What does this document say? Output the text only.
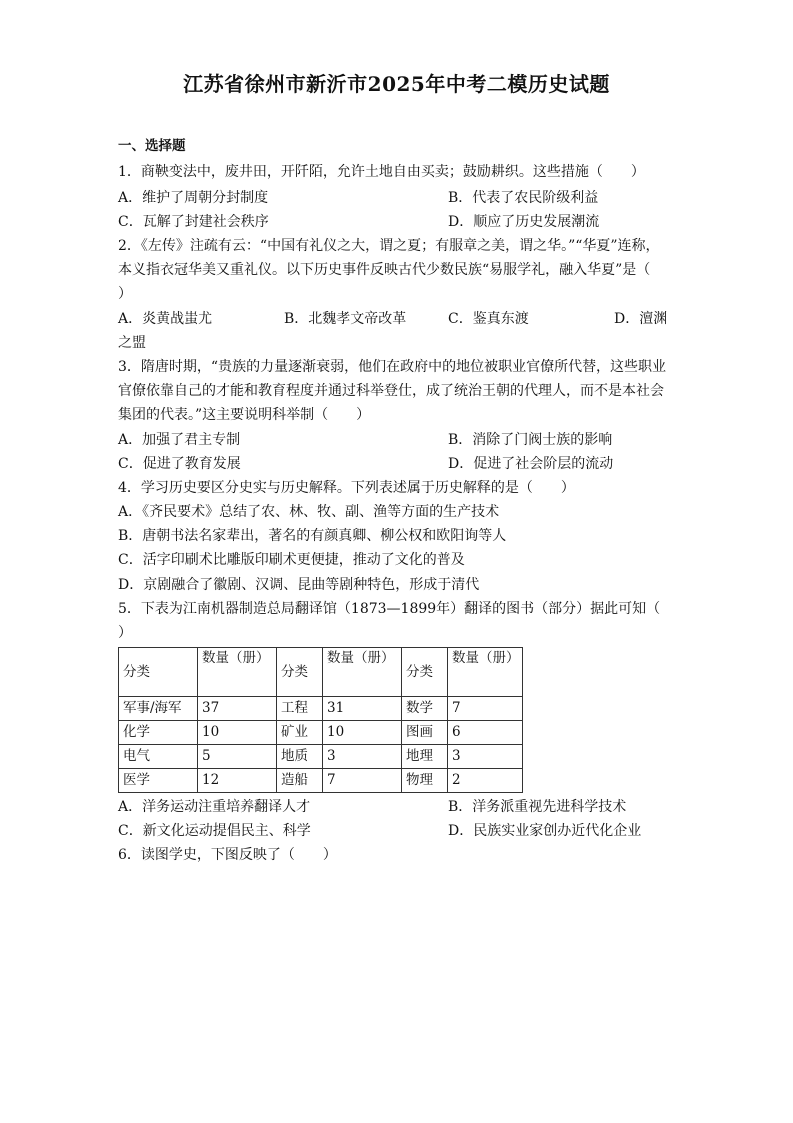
江苏省徐州市新沂市2025年中考二模历史试题
一、选择题
1．商鞅变法中，废井田，开阡陌，允许土地自由买卖；鼓励耕织。这些措施（　　）
A．维护了周朝分封制度	B．代表了农民阶级利益
C．瓦解了封建社会秩序	D．顺应了历史发展潮流
2．《左传》注疏有云：“中国有礼仪之大，谓之夏；有服章之美，谓之华。”“华夏”连称，
本义指衣冠华美又重礼仪。以下历史事件反映古代少数民族“易服学礼，融入华夏”是（
）
A．炎黄战蚩尤	B．北魏孝文帝改革	C．鉴真东渡	D．澶渊
之盟
3．隋唐时期，“贵族的力量逐渐衰弱，他们在政府中的地位被职业官僚所代替，这些职业
官僚依靠自己的才能和教育程度并通过科举登仕，成了统治王朝的代理人，而不是本社会
集团的代表。”这主要说明科举制（　　）
A．加强了君主专制	B．消除了门阀士族的影响
C．促进了教育发展	D．促进了社会阶层的流动
4．学习历史要区分史实与历史解释。下列表述属于历史解释的是（　　）
A．《齐民要术》总结了农、林、牧、副、渔等方面的生产技术
B．唐朝书法名家辈出，著名的有颜真卿、柳公权和欧阳询等人
C．活字印刷术比雕版印刷术更便捷，推动了文化的普及
D．京剧融合了徽剧、汉调、昆曲等剧种特色，形成于清代
5．下表为江南机器制造总局翻译馆（1873—1899年）翻译的图书（部分）据此可知（
）
分类	数量（册）	分类	数量（册）	分类	数量（册）
军事/海军	37	工程	31	数学	7
化学	10	矿业	10	图画	6
电气	5	地质	3	地理	3
医学	12	造船	7	物理	2
A．洋务运动注重培养翻译人才	B．洋务派重视先进科学技术
C．新文化运动提倡民主、科学	D．民族实业家创办近代化企业
6．读图学史，下图反映了（　　）
